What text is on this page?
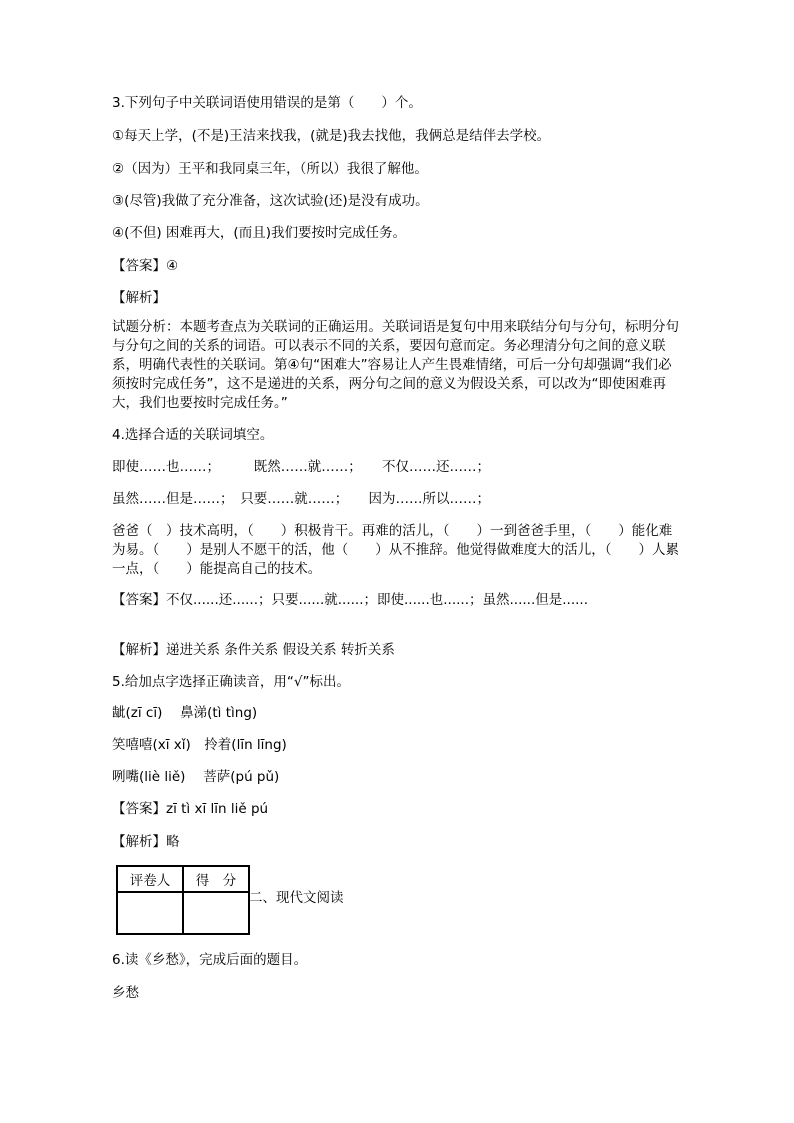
3.下列句子中关联词语使用错误的是第（　　）个。
①每天上学，(不是)王洁来找我，(就是)我去找他，我俩总是结伴去学校。
②（因为）王平和我同桌三年，（所以）我很了解他。
③(尽管)我做了充分准备，这次试验(还)是没有成功。
④(不但) 困难再大，(而且)我们要按时完成任务。
【答案】④
【解析】
试题分析：本题考查点为关联词的正确运用。关联词语是复句中用来联结分句与分句，标明分句与分句之间的关系的词语。可以表示不同的关系，要因句意而定。务必理清分句之间的意义联系，明确代表性的关联词。第④句“困难大”容易让人产生畏难情绪，可后一分句却强调“我们必须按时完成任务”，这不是递进的关系，两分句之间的意义为假设关系，可以改为“即使困难再大，我们也要按时完成任务。”
4.选择合适的关联词填空。
即使……也……；　　　既然……就……；　　不仅……还……；
虽然……但是……；　只要……就……；　　因为……所以……；
爸爸（　）技术高明，（　　）积极肯干。再难的活儿，（　　）一到爸爸手里，（　　）能化难为易。（　　）是别人不愿干的活，他（　　）从不推辞。他觉得做难度大的活儿，（　　）人累一点，（　　）能提高自己的技术。
【答案】不仅......还......；只要......就......；即使......也......；虽然......但是......
【解析】递进关系 条件关系 假设关系 转折关系
5.给加点字选择正确读音，用“√”标出。
龇(zī cī)　 鼻涕(tì tìng)
笑嘻嘻(xī xǐ)　拎着(līn līng)
咧嘴(liè liě)　 菩萨(pú pǔ)
【答案】zī tì xī līn liě pú
【解析】略
评卷人	得　分

二、现代文阅读
6.读《乡愁》，完成后面的题目。
乡愁
